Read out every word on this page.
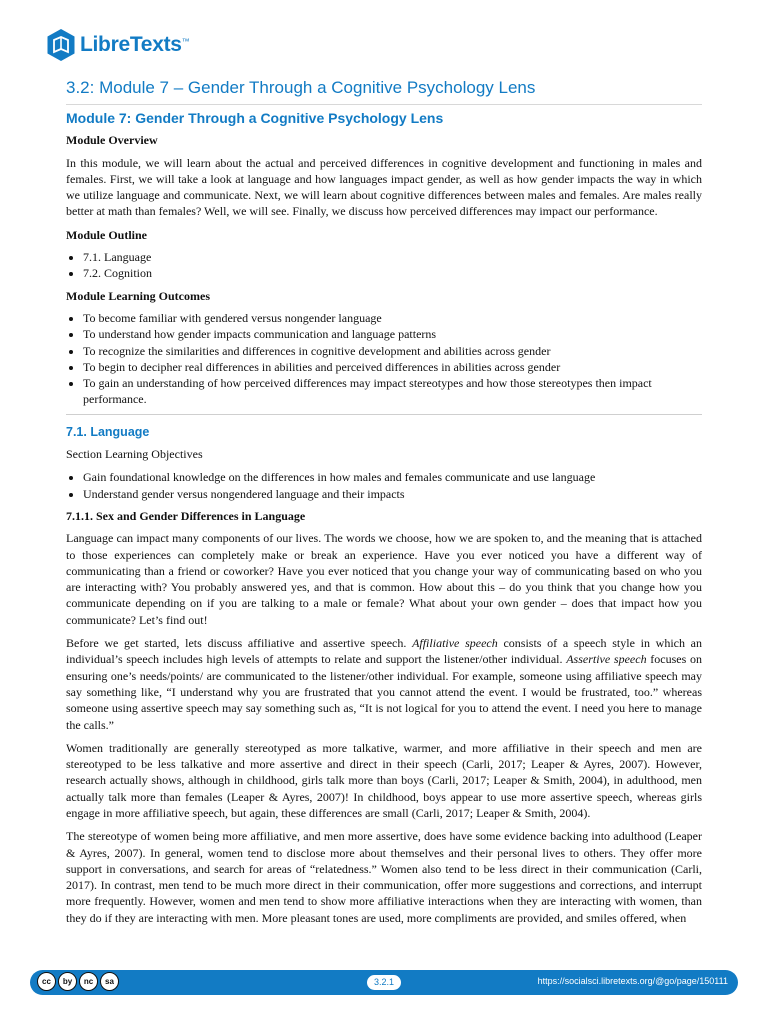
LibreTexts™
3.2: Module 7 – Gender Through a Cognitive Psychology Lens
Module 7: Gender Through a Cognitive Psychology Lens
Module Overview

In this module, we will learn about the actual and perceived differences in cognitive development and functioning in males and females. First, we will take a look at language and how languages impact gender, as well as how gender impacts the way in which we utilize language and communicate. Next, we will learn about cognitive differences between males and females. Are males really better at math than females? Well, we will see. Finally, we discuss how perceived differences may impact our performance.

Module Outline
• 7.1. Language
• 7.2. Cognition
Module Learning Outcomes
• To become familiar with gendered versus nongender language
• To understand how gender impacts communication and language patterns
• To recognize the similarities and differences in cognitive development and abilities across gender
• To begin to decipher real differences in abilities and perceived differences in abilities across gender
• To gain an understanding of how perceived differences may impact stereotypes and how those stereotypes then impact performance.
7.1. Language

Section Learning Objectives

• Gain foundational knowledge on the differences in how males and females communicate and use language
• Understand gender versus nongendered language and their impacts
7.1.1. Sex and Gender Differences in Language

Language can impact many components of our lives. The words we choose, how we are spoken to, and the meaning that is attached to those experiences can completely make or break an experience. Have you ever noticed you have a different way of communicating than a friend or coworker? Have you ever noticed that you change your way of communicating based on who you are interacting with? You probably answered yes, and that is common. How about this – do you think that you change how you communicate depending on if you are talking to a male or female? What about your own gender – does that impact how you communicate? Let’s find out!

Before we get started, lets discuss affiliative and assertive speech. Affiliative speech consists of a speech style in which an individual’s speech includes high levels of attempts to relate and support the listener/other individual. Assertive speech focuses on ensuring one’s needs/points/ are communicated to the listener/other individual. For example, someone using affiliative speech may say something like, “I understand why you are frustrated that you cannot attend the event. I would be frustrated, too.” whereas someone using assertive speech may say something such as, “It is not logical for you to attend the event. I need you here to manage the calls.”

Women traditionally are generally stereotyped as more talkative, warmer, and more affiliative in their speech and men are stereotyped to be less talkative and more assertive and direct in their speech (Carli, 2017; Leaper & Ayres, 2007). However, research actually shows, although in childhood, girls talk more than boys (Carli, 2017; Leaper & Smith, 2004), in adulthood, men actually talk more than females (Leaper & Ayres, 2007)! In childhood, boys appear to use more assertive speech, whereas girls engage in more affiliative speech, but again, these differences are small (Carli, 2017; Leaper & Smith, 2004).

The stereotype of women being more affiliative, and men more assertive, does have some evidence backing into adulthood (Leaper & Ayres, 2007). In general, women tend to disclose more about themselves and their personal lives to others. They offer more support in conversations, and search for areas of “relatedness.” Women also tend to be less direct in their communication (Carli, 2017). In contrast, men tend to be much more direct in their communication, offer more suggestions and corrections, and interrupt more frequently. However, women and men tend to show more affiliative interactions when they are interacting with women, than they do if they are interacting with men. More pleasant tones are used, more compliments are provided, and smiles offered, when

cc	by	nc	sa	3.2.1	https://socialsci.libretexts.org/@go/page/150111
